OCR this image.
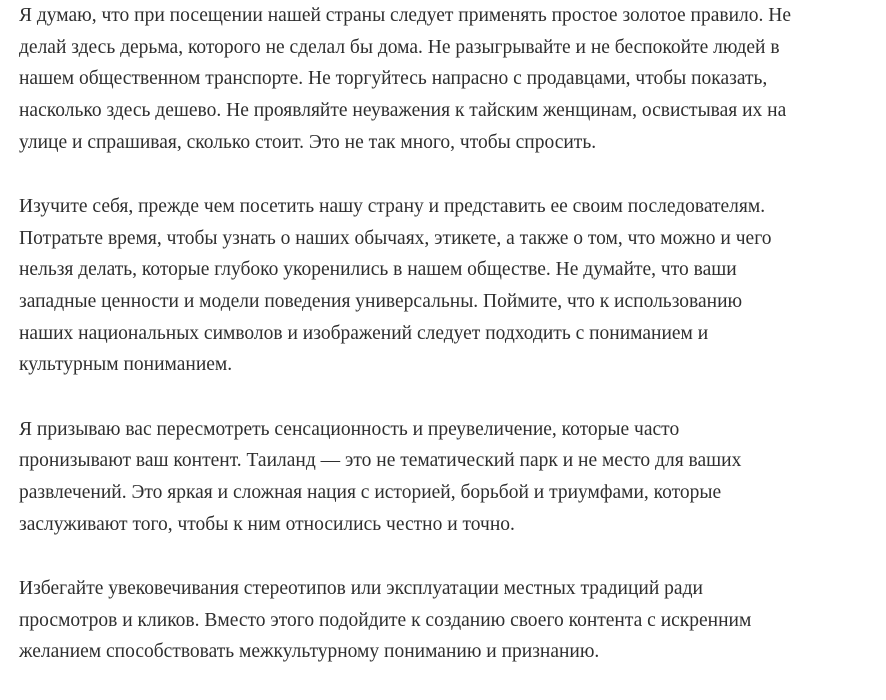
Я думаю, что при посещении нашей страны следует применять простое золотое правило. Не
делай здесь дерьма, которого не сделал бы дома. Не разыгрывайте и не беспокойте людей в
нашем общественном транспорте. Не торгуйтесь напрасно с продавцами, чтобы показать,
насколько здесь дешево. Не проявляйте неуважения к тайским женщинам, освистывая их на
улице и спрашивая, сколько стоит. Это не так много, чтобы спросить.

Изучите себя, прежде чем посетить нашу страну и представить ее своим последователям.
Потратьте время, чтобы узнать о наших обычаях, этикете, а также о том, что можно и чего
нельзя делать, которые глубоко укоренились в нашем обществе. Не думайте, что ваши
западные ценности и модели поведения универсальны. Поймите, что к использованию
наших национальных символов и изображений следует подходить с пониманием и
культурным пониманием.

Я призываю вас пересмотреть сенсационность и преувеличение, которые часто
пронизывают ваш контент. Таиланд — это не тематический парк и не место для ваших
развлечений. Это яркая и сложная нация с историей, борьбой и триумфами, которые
заслуживают того, чтобы к ним относились честно и точно.

Избегайте увековечивания стереотипов или эксплуатации местных традиций ради
просмотров и кликов. Вместо этого подойдите к созданию своего контента с искренним
желанием способствовать межкультурному пониманию и признанию.
